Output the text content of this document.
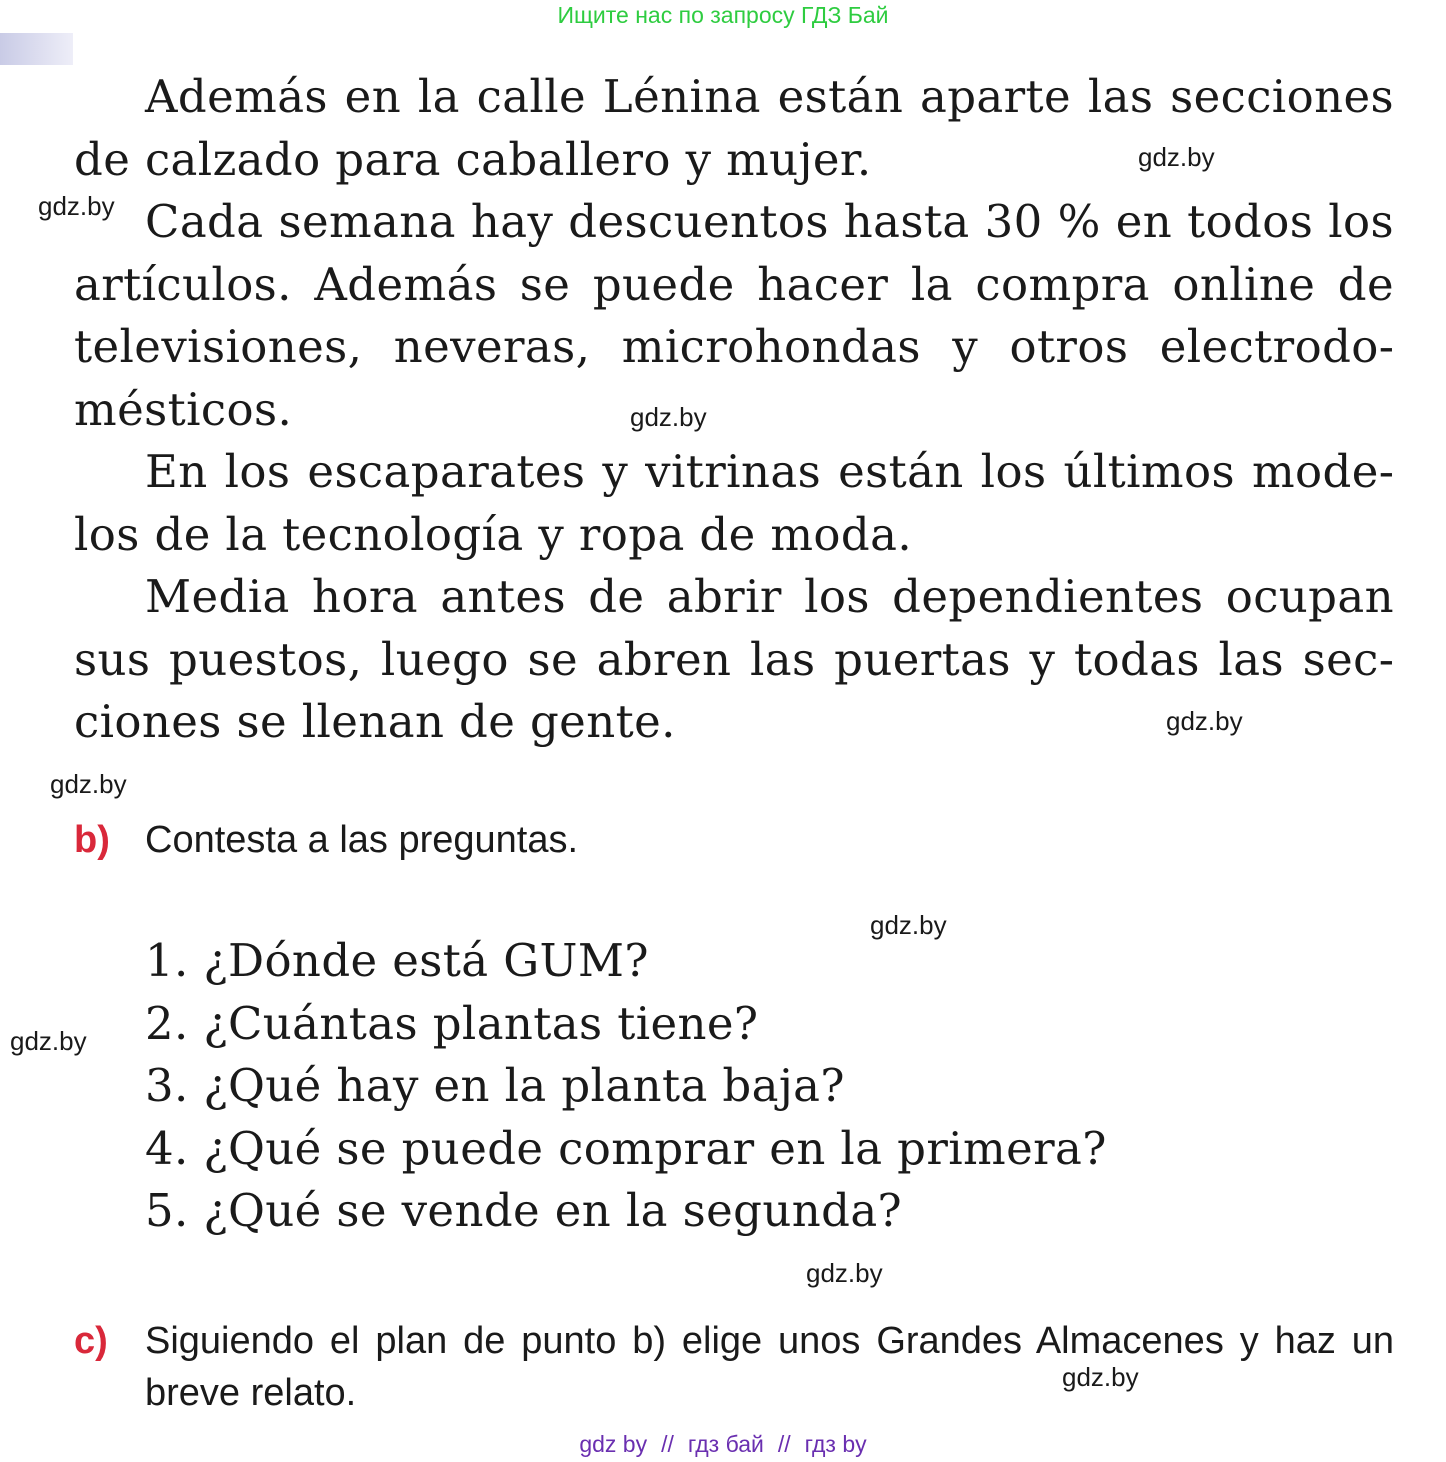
Ищите нас по запросу ГДЗ Бай

Además en la calle Lénina están aparte las secciones de calzado para caballero y mujer.

Cada semana hay descuentos hasta 30 % en todos los artículos. Además se puede hacer la compra online de televisiones, neveras, microhondas y otros electrodomésticos.

En los escaparates y vitrinas están los últimos modelos de la tecnología y ropa de moda.

Media hora antes de abrir los dependientes ocupan sus puestos, luego se abren las puertas y todas las secciones se llenan de gente.

b) Contesta a las preguntas.
1. ¿Dónde está GUM?
2. ¿Cuántas plantas tiene?
3. ¿Qué hay en la planta baja?
4. ¿Qué se puede comprar en la primera?
5. ¿Qué se vende en la segunda?
c) Siguiendo el plan de punto b) elige unos Grandes Almacenes y haz un breve relato.
gdz.by
gdz.by
gdz.by
gdz.by
gdz.by
gdz.by
gdz.by
gdz.by
gdz.by
gdz by // гдз бай // гдз by
